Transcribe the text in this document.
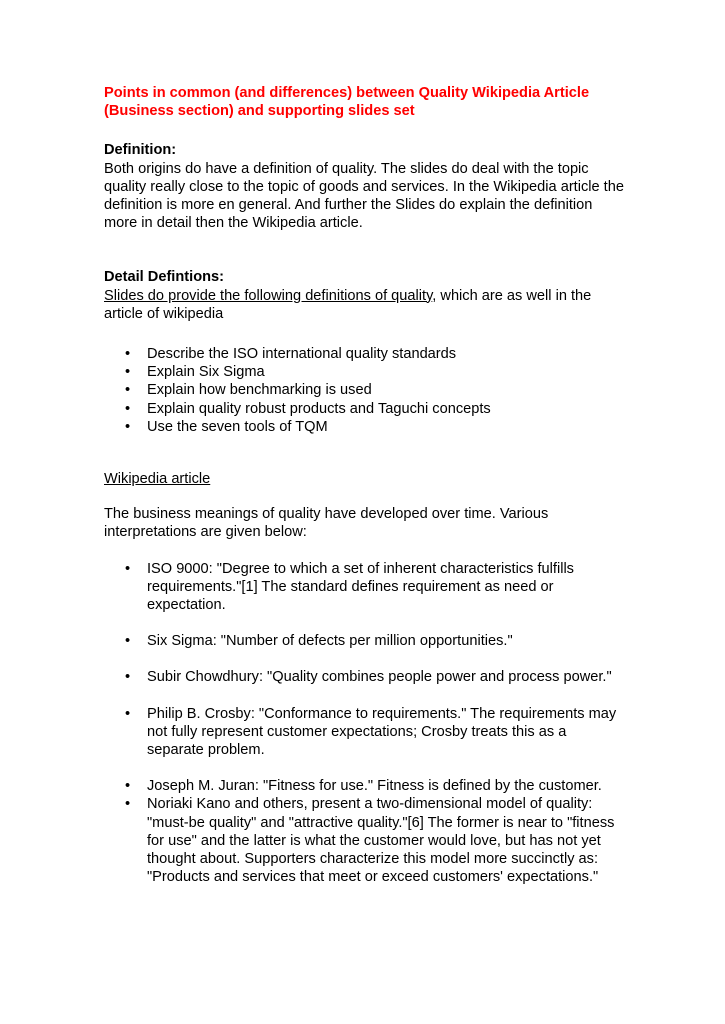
Points in common (and differences) between Quality Wikipedia Article (Business section) and supporting slides set

Definition:

Both origins do have a definition of quality. The slides do deal with the topic quality really close to the topic of goods and services. In the Wikipedia article the definition is more en general. And further the Slides do explain the definition more in detail then the Wikipedia article.

Detail Defintions:

Slides do provide the following definitions of quality, which are as well in the article of wikipedia

• Describe the ISO international quality standards
• Explain Six Sigma
• Explain how benchmarking is used
• Explain quality robust products and Taguchi concepts
• Use the seven tools of TQM

Wikipedia article

The business meanings of quality have developed over time. Various interpretations are given below:

• ISO 9000: "Degree to which a set of inherent characteristics fulfills requirements."[1] The standard defines requirement as need or expectation.
• Six Sigma: "Number of defects per million opportunities."
• Subir Chowdhury: "Quality combines people power and process power."
• Philip B. Crosby: "Conformance to requirements." The requirements may not fully represent customer expectations; Crosby treats this as a separate problem.
• Joseph M. Juran: "Fitness for use." Fitness is defined by the customer.
• Noriaki Kano and others, present a two-dimensional model of quality: "must-be quality" and "attractive quality."[6] The former is near to "fitness for use" and the latter is what the customer would love, but has not yet thought about. Supporters characterize this model more succinctly as: "Products and services that meet or exceed customers' expectations."
